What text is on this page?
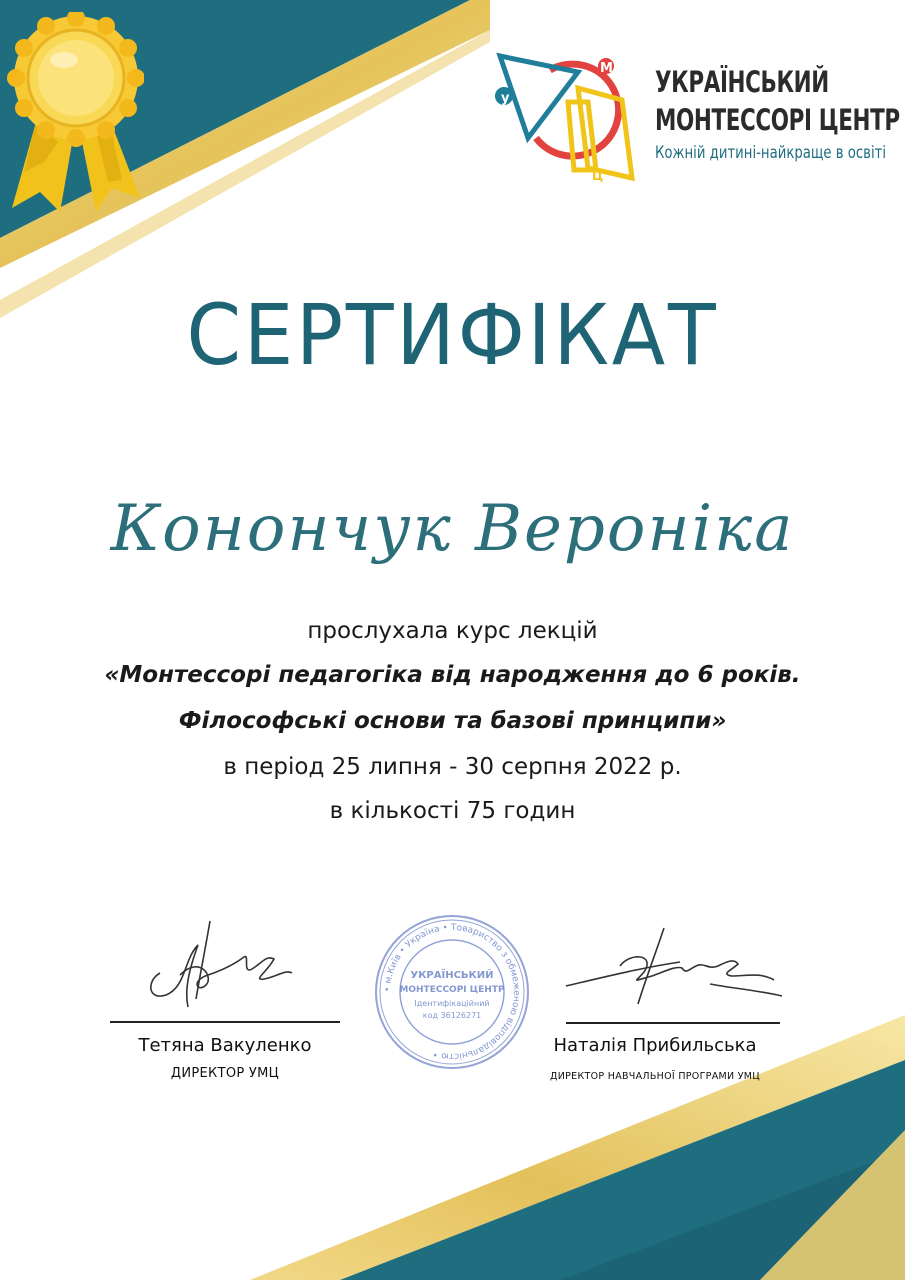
у
М
Ц
УКРАЇНСЬКИЙ
МОНТЕССОРІ ЦЕНТР
Кожній дитині-найкраще в освіті
СЕРТИФІКАТ
Конончук Вероніка
прослухала курс лекцій
«Монтессорі педагогіка від народження до 6 років.
Філософські основи та базові принципи»
в період 25 липня - 30 серпня 2022 р.
в кількості 75 годин
Тетяна Вакуленко
ДИРЕКТОР УМЦ
• м.Київ • Україна • Товариство з обмеженою відповідальністю •
УКРАЇНСЬКИЙ
МОНТЕССОРІ ЦЕНТР
Ідентифікаційний
код 36126271
Наталія Прибильська
ДИРЕКТОР НАВЧАЛЬНОЇ ПРОГРАМИ УМЦ
